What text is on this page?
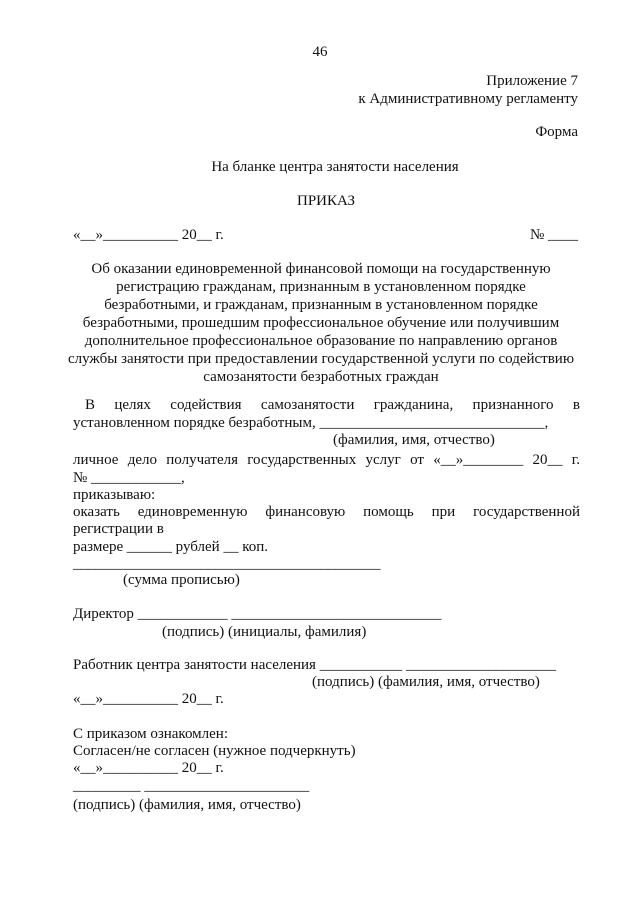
46
Приложение 7
к Административному регламенту
Форма
На бланке центра занятости населения
ПРИКАЗ
«__»__________ 20__ г.	№ ____
Об оказании единовременной финансовой помощи на государственную
регистрацию гражданам, признанным в установленном порядке
безработными, и гражданам, признанным в установленном порядке
безработными, прошедшим профессиональное обучение или получившим
дополнительное профессиональное образование по направлению органов
службы занятости при предоставлении государственной услуги по содействию
самозанятости безработных граждан
В целях содействия самозанятости гражданина, признанного в
установленном порядке безработным, ______________________________,
(фамилия, имя, отчество)
личное дело получателя государственных услуг от «__»________ 20__ г.
№ ____________,
приказываю:
оказать единовременную финансовую помощь при государственной
регистрации в
размере ______ рублей __ коп.
_________________________________________
(сумма прописью)
Директор ____________ ____________________________
(подпись) (инициалы, фамилия)
Работник центра занятости населения ___________ ____________________
(подпись) (фамилия, имя, отчество)
«__»__________ 20__ г.
С приказом ознакомлен:
Согласен/не согласен (нужное подчеркнуть)
«__»__________ 20__ г.
_________ ______________________
(подпись) (фамилия, имя, отчество)
